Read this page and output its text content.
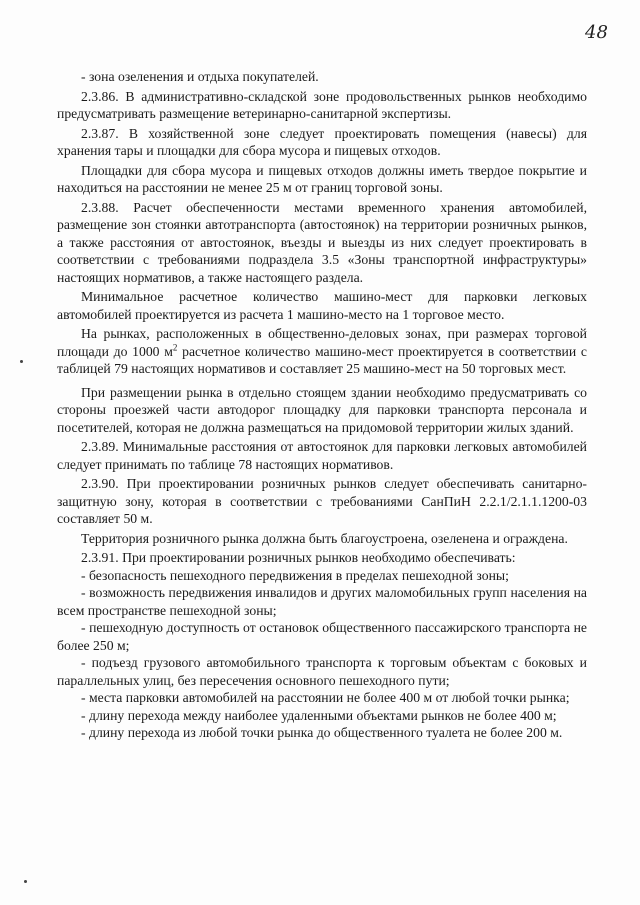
48

- зона озеленения и отдыха покупателей.

2.3.86. В административно-складской зоне продовольственных рынков необходимо предусматривать размещение ветеринарно-санитарной экспертизы.

2.3.87. В хозяйственной зоне следует проектировать помещения (навесы) для хранения тары и площадки для сбора мусора и пищевых отходов.

Площадки для сбора мусора и пищевых отходов должны иметь твердое покрытие и находиться на расстоянии не менее 25 м от границ торговой зоны.

2.3.88. Расчет обеспеченности местами временного хранения автомобилей, размещение зон стоянки автотранспорта (автостоянок) на территории розничных рынков, а также расстояния от автостоянок, въезды и выезды из них следует проектировать в соответствии с требованиями подраздела 3.5 «Зоны транспортной инфраструктуры» настоящих нормативов, а также настоящего раздела.

Минимальное расчетное количество машино-мест для парковки легковых автомобилей проектируется из расчета 1 машино-место на 1 торговое место.

На рынках, расположенных в общественно-деловых зонах, при размерах торговой площади до 1000 $м^2$ расчетное количество машино-мест проектируется в соответствии с таблицей 79 настоящих нормативов и составляет 25 машино-мест на 50 торговых мест.

При размещении рынка в отдельно стоящем здании необходимо предусматривать со стороны проезжей части автодорог площадку для парковки транспорта персонала и посетителей, которая не должна размещаться на придомовой территории жилых зданий.

2.3.89. Минимальные расстояния от автостоянок для парковки легковых автомобилей следует принимать по таблице 78 настоящих нормативов.

2.3.90. При проектировании розничных рынков следует обеспечивать санитарно-защитную зону, которая в соответствии с требованиями СанПиН 2.2.1/2.1.1.1200-03 составляет 50 м.

Территория розничного рынка должна быть благоустроена, озеленена и ограждена.

2.3.91. При проектировании розничных рынков необходимо обеспечивать:

- безопасность пешеходного передвижения в пределах пешеходной зоны;

- возможность передвижения инвалидов и других маломобильных групп населения на всем пространстве пешеходной зоны;

- пешеходную доступность от остановок общественного пассажирского транспорта не более 250 м;

- подъезд грузового автомобильного транспорта к торговым объектам с боковых и параллельных улиц, без пересечения основного пешеходного пути;

- места парковки автомобилей на расстоянии не более 400 м от любой точки рынка;

- длину перехода между наиболее удаленными объектами рынков не более 400 м;

- длину перехода из любой точки рынка до общественного туалета не более 200 м.
